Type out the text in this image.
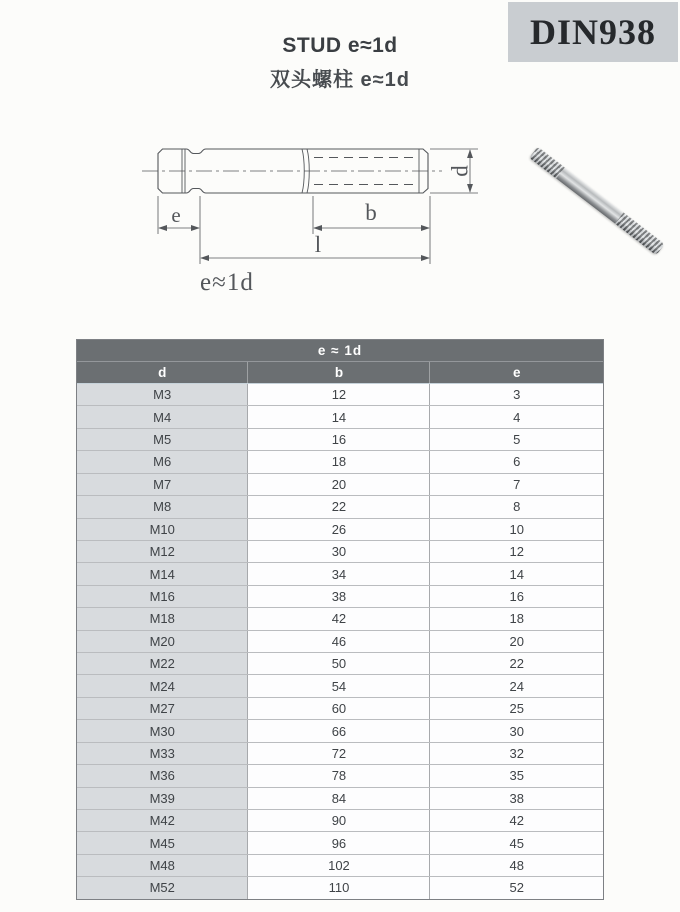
DIN938
STUD e≈1d
双头螺柱 e≈1d
e	b
l
d
e≈1d
e ≈ 1d
d	b	e
M3	12	3
M4	14	4
M5	16	5
M6	18	6
M7	20	7
M8	22	8
M10	26	10
M12	30	12
M14	34	14
M16	38	16
M18	42	18
M20	46	20
M22	50	22
M24	54	24
M27	60	25
M30	66	30
M33	72	32
M36	78	35
M39	84	38
M42	90	42
M45	96	45
M48	102	48
M52	110	52
